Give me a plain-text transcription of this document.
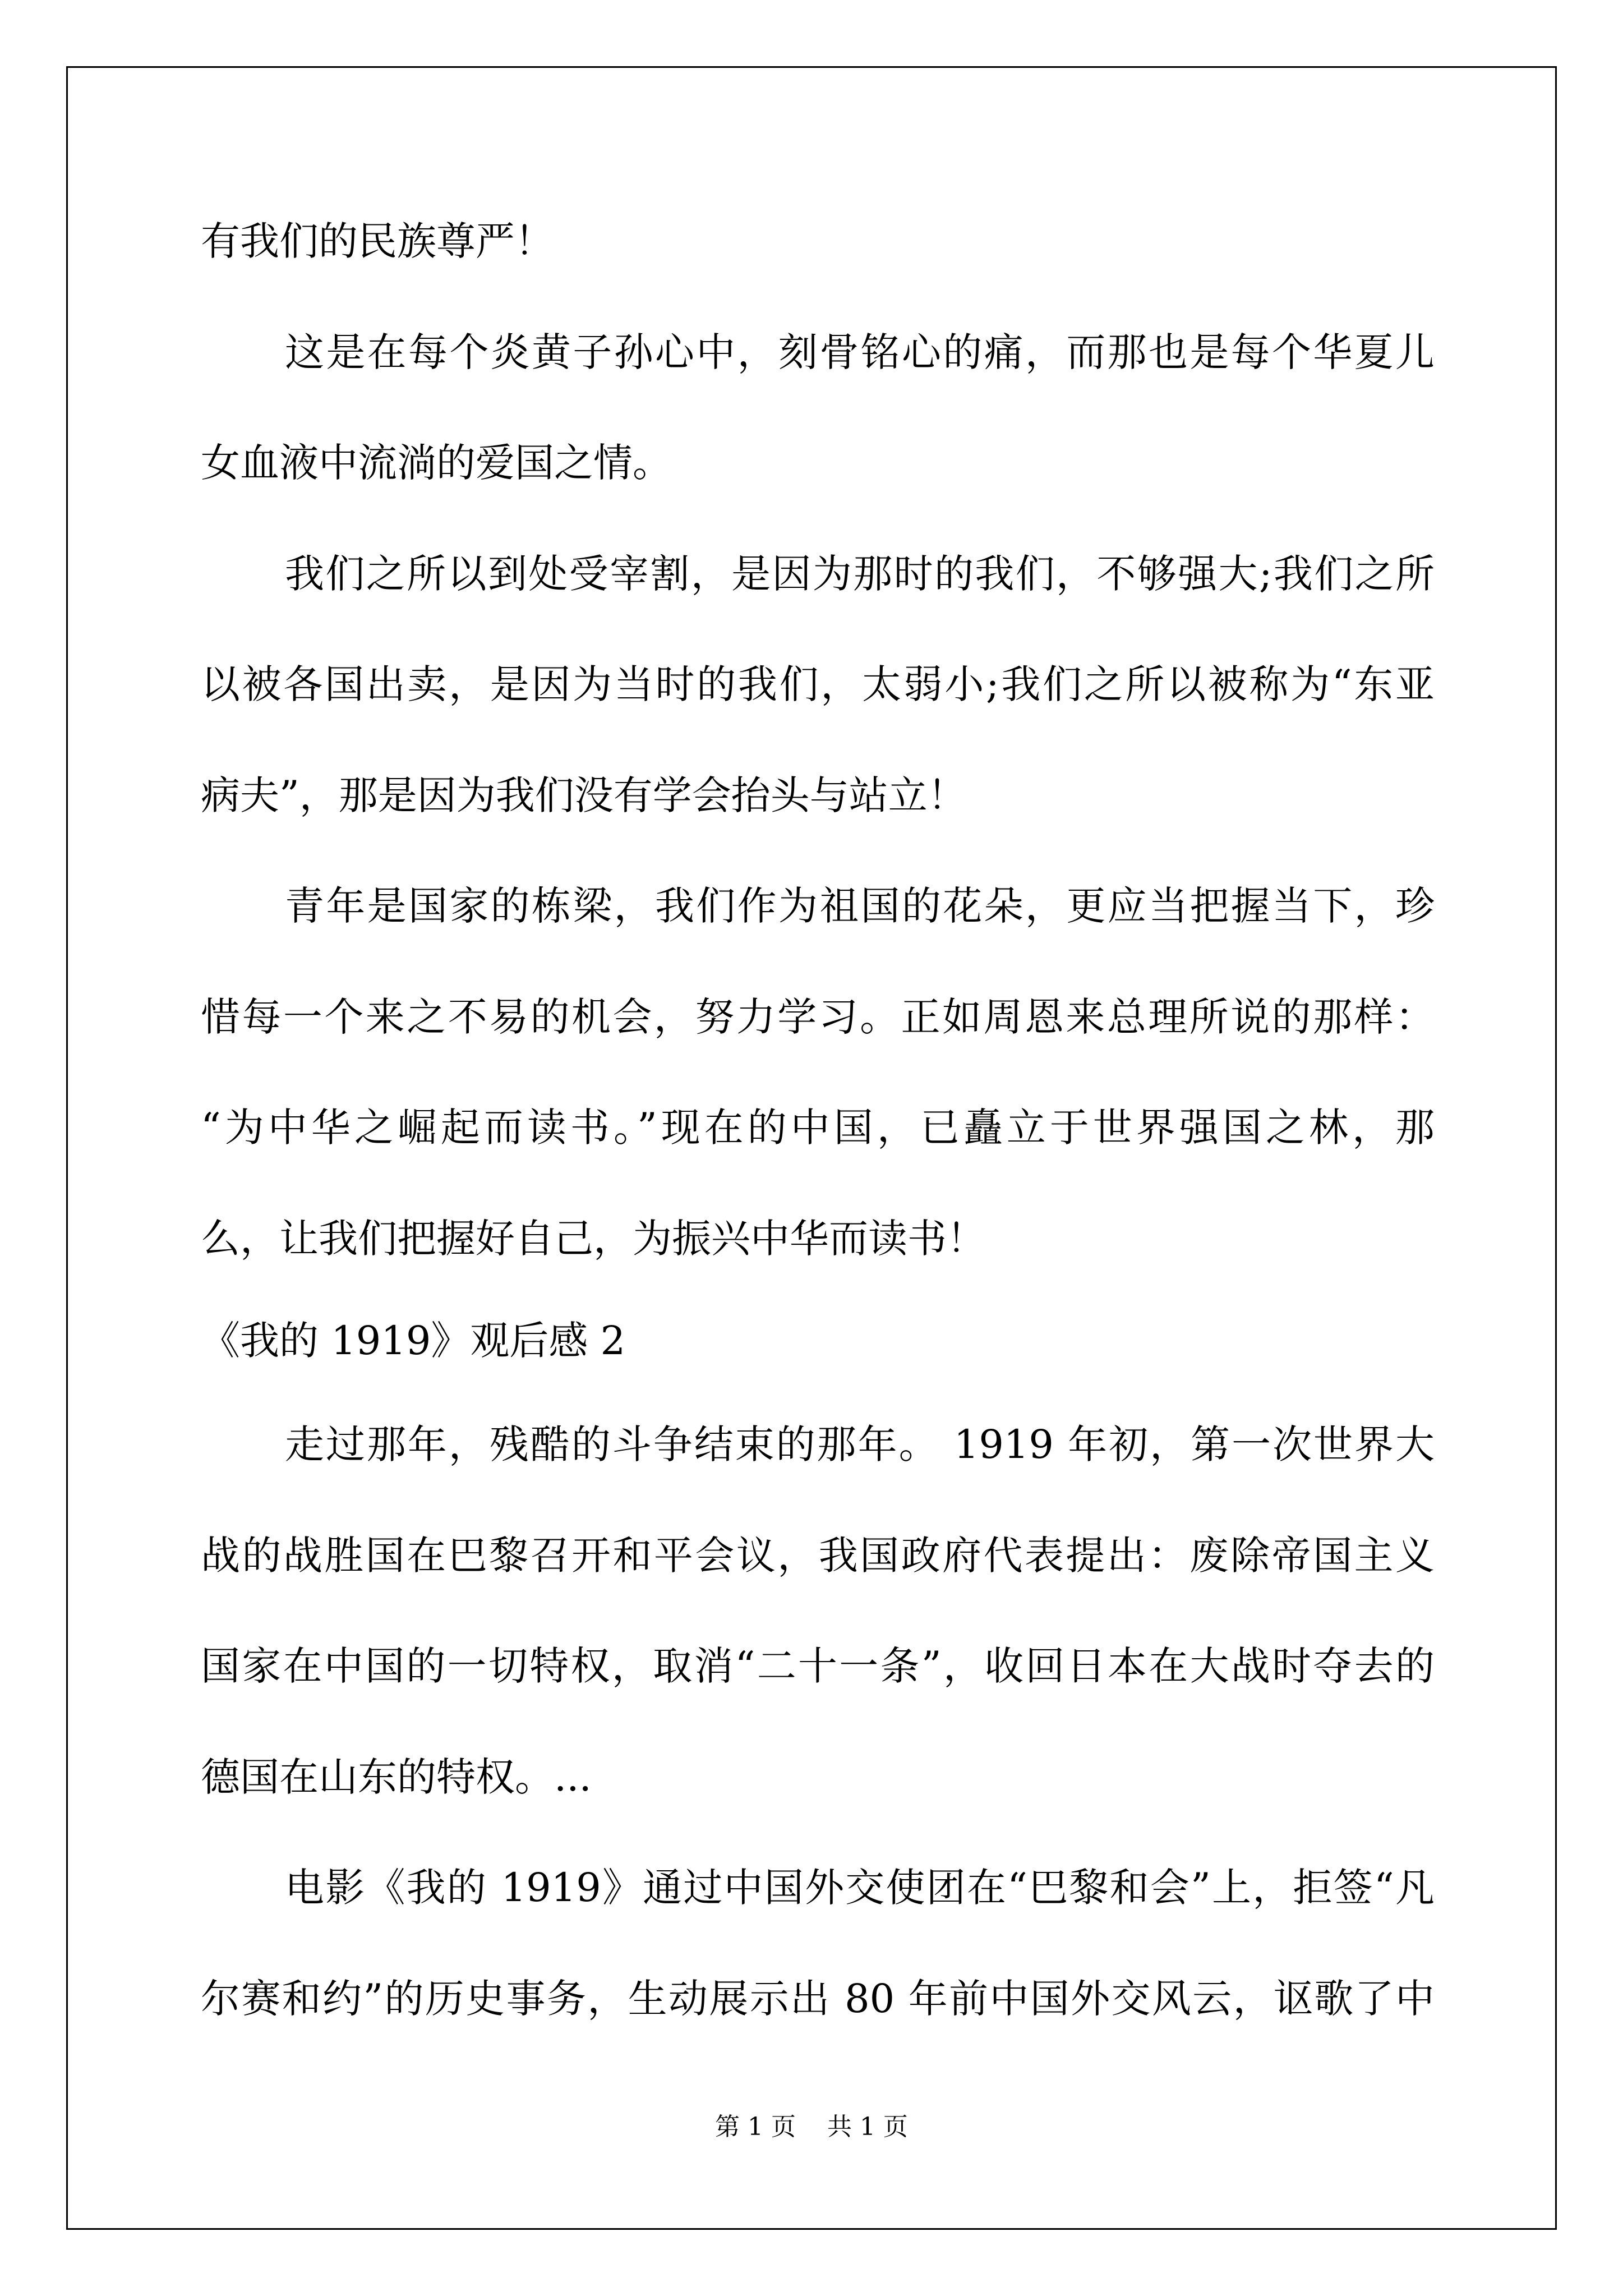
有我们的民族尊严！
这是在每个炎黄子孙心中，刻骨铭心的痛，而那也是每个华夏儿
女血液中流淌的爱国之情。
我们之所以到处受宰割，是因为那时的我们，不够强大;我们之所
以被各国出卖，是因为当时的我们，太弱小;我们之所以被称为“东亚
病夫”，那是因为我们没有学会抬头与站立！
青年是国家的栋梁，我们作为祖国的花朵，更应当把握当下，珍
惜每一个来之不易的机会，努力学习。正如周恩来总理所说的那样：
“为中华之崛起而读书。”现在的中国，已矗立于世界强国之林，那
么，让我们把握好自己，为振兴中华而读书！
《我的 1919》观后感 2
走过那年，残酷的斗争结束的那年。 1919 年初，第一次世界大
战的战胜国在巴黎召开和平会议，我国政府代表提出：废除帝国主义
国家在中国的一切特权，取消“二十一条”，收回日本在大战时夺去的
德国在山东的特权。...
电影《我的 1919》通过中国外交使团在“巴黎和会”上，拒签“凡
尔赛和约”的历史事务，生动展示出 80 年前中国外交风云，讴歌了中
第 1 页    共 1 页
